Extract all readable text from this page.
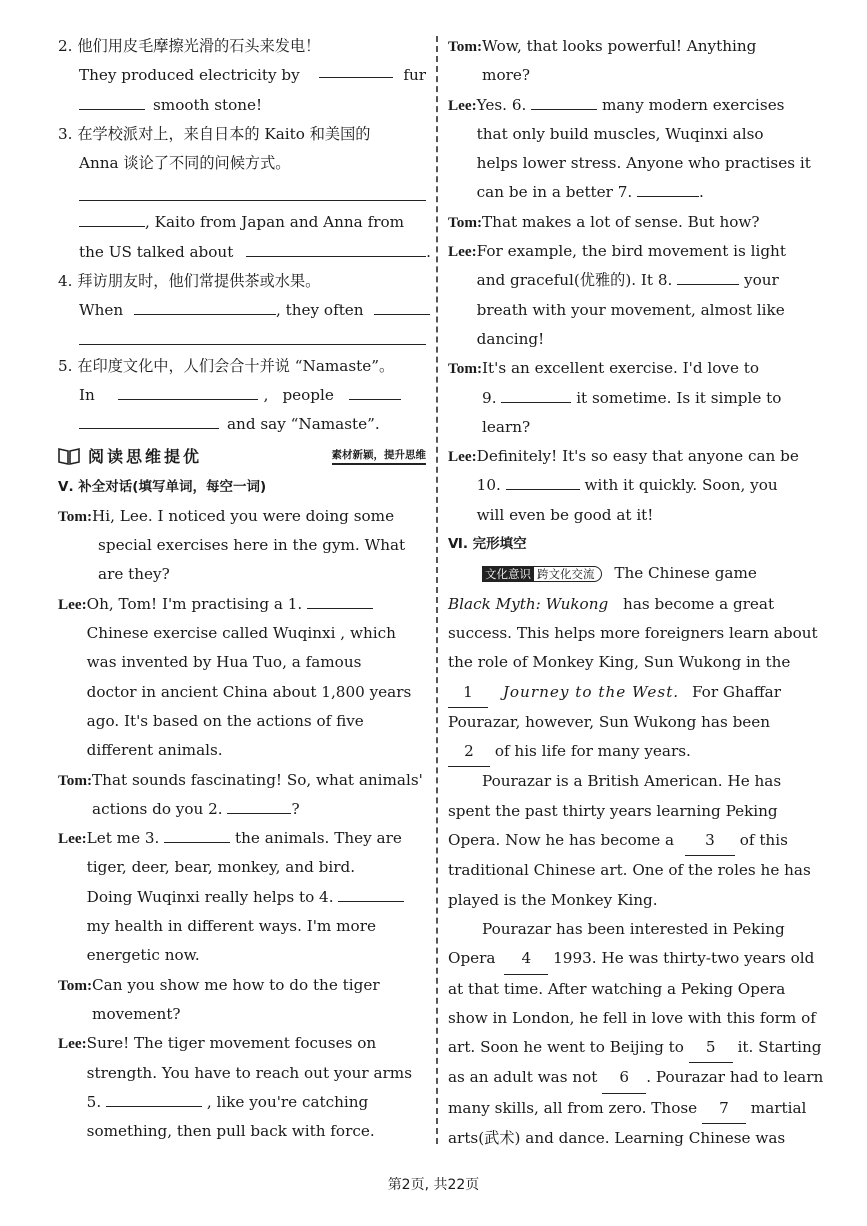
2. 他们用皮毛摩擦光滑的石头来发电！
They produced electricity by	fur
smooth stone!
3. 在学校派对上，来自日本的 Kaito 和美国的
Anna 谈论了不同的问候方式。
, Kaito from Japan and Anna from
the US talked about	.
4. 拜访朋友时，他们常提供茶或水果。
When	, they often
5. 在印度文化中，人们会合十并说 “Namaste”。
In	, people
and say “Namaste”.
阅读思维提优	素材新颖，提升思维
Ⅴ. 补全对话(填写单词，每空一词)
Tom: Hi, Lee. I noticed you were doing some
special exercises here in the gym. What
are they?
Lee: Oh, Tom! I'm practising a 1.
Chinese exercise called Wuqinxi , which
was invented by Hua Tuo, a famous
doctor in ancient China about 1,800 years
ago. It's based on the actions of five
different animals.
Tom: That sounds fascinating! So, what animals'
actions do you 2.	?
Lee: Let me 3.	the animals. They are
tiger, deer, bear, monkey, and bird.
Doing Wuqinxi really helps to 4.
my health in different ways. I'm more
energetic now.
Tom: Can you show me how to do the tiger
movement?
Lee: Sure! The tiger movement focuses on
strength. You have to reach out your arms
5.	, like you're catching
something, then pull back with force.
Tom: Wow, that looks powerful! Anything
more?
Lee: Yes. 6.	many modern exercises
that only build muscles, Wuqinxi also
helps lower stress. Anyone who practises it
can be in a better 7.	.
Tom: That makes a lot of sense. But how?
Lee: For example, the bird movement is light
and graceful(优雅的). It 8.	your
breath with your movement, almost like
dancing!
Tom: It's an excellent exercise. I'd love to
9.	it sometime. Is it simple to
learn?
Lee: Definitely! It's so easy that anyone can be
10.	with it quickly. Soon, you
will even be good at it!
Ⅵ. 完形填空
文化意识 跨文化交流 The Chinese game
Black Myth: Wukong has become a great
success. This helps more foreigners learn about
the role of Monkey King, Sun Wukong in the
1 Journey to the West. For Ghaffar
Pourazar, however, Sun Wukong has been
2 of his life for many years.
Pourazar is a British American. He has
spent the past thirty years learning Peking
Opera. Now he has become a 3 of this
traditional Chinese art. One of the roles he has
played is the Monkey King.
Pourazar has been interested in Peking
Opera 4 1993. He was thirty-two years old
at that time. After watching a Peking Opera
show in London, he fell in love with this form of
art. Soon he went to Beijing to 5 it. Starting
as an adult was not 6 . Pourazar had to learn
many skills, all from zero. Those 7 martial
arts(武术) and dance. Learning Chinese was
第2页, 共22页
